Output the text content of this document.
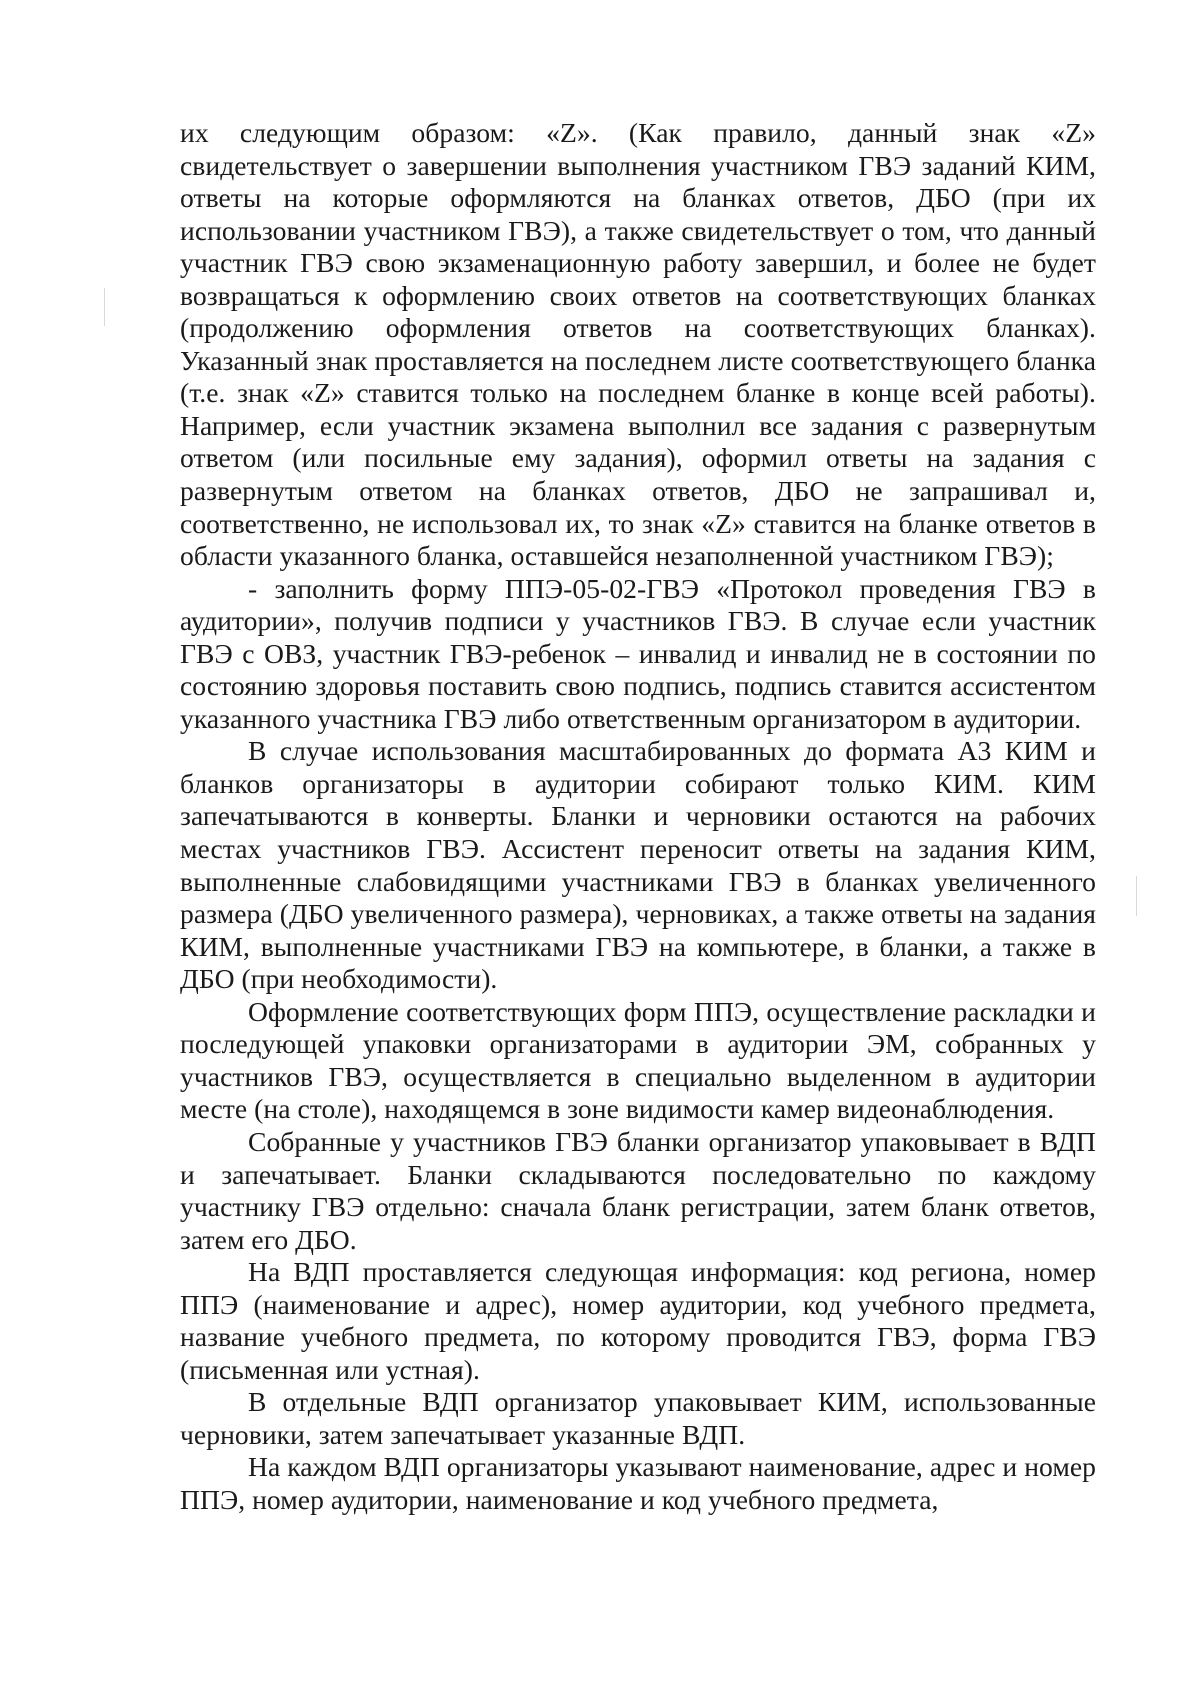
их следующим образом: «Z». (Как правило, данный знак «Z» свидетельствует о завершении выполнения участником ГВЭ заданий КИМ, ответы на которые оформляются на бланках ответов, ДБО (при их использовании участником ГВЭ), а также свидетельствует о том, что данный участник ГВЭ свою экзаменационную работу завершил, и более не будет возвращаться к оформлению своих ответов на соответствующих бланках (продолжению оформления ответов на соответствующих бланках). Указанный знак проставляется на последнем листе соответствующего бланка (т.е. знак «Z» ставится только на последнем бланке в конце всей работы). Например, если участник экзамена выполнил все задания с развернутым ответом (или посильные ему задания), оформил ответы на задания с развернутым ответом на бланках ответов, ДБО не запрашивал и, соответственно, не использовал их, то знак «Z» ставится на бланке ответов в области указанного бланка, оставшейся незаполненной участником ГВЭ);

- заполнить форму ППЭ-05-02-ГВЭ «Протокол проведения ГВЭ в аудитории», получив подписи у участников ГВЭ. В случае если участник ГВЭ с ОВЗ, участник ГВЭ-ребенок – инвалид и инвалид не в состоянии по состоянию здоровья поставить свою подпись, подпись ставится ассистентом указанного участника ГВЭ либо ответственным организатором в аудитории.

В случае использования масштабированных до формата А3 КИМ и бланков организаторы в аудитории собирают только КИМ. КИМ запечатываются в конверты. Бланки и черновики остаются на рабочих местах участников ГВЭ. Ассистент переносит ответы на задания КИМ, выполненные слабовидящими участниками ГВЭ в бланках увеличенного размера (ДБО увеличенного размера), черновиках, а также ответы на задания КИМ, выполненные участниками ГВЭ на компьютере, в бланки, а также в ДБО (при необходимости).

Оформление соответствующих форм ППЭ, осуществление раскладки и последующей упаковки организаторами в аудитории ЭМ, собранных у участников ГВЭ, осуществляется в специально выделенном в аудитории месте (на столе), находящемся в зоне видимости камер видеонаблюдения.

Собранные у участников ГВЭ бланки организатор упаковывает в ВДП и запечатывает. Бланки складываются последовательно по каждому участнику ГВЭ отдельно: сначала бланк регистрации, затем бланк ответов, затем его ДБО.

На ВДП проставляется следующая информация: код региона, номер ППЭ (наименование и адрес), номер аудитории, код учебного предмета, название учебного предмета, по которому проводится ГВЭ, форма ГВЭ (письменная или устная).

В отдельные ВДП организатор упаковывает КИМ, использованные черновики, затем запечатывает указанные ВДП.

На каждом ВДП организаторы указывают наименование, адрес и номер ППЭ, номер аудитории, наименование и код учебного предмета,
